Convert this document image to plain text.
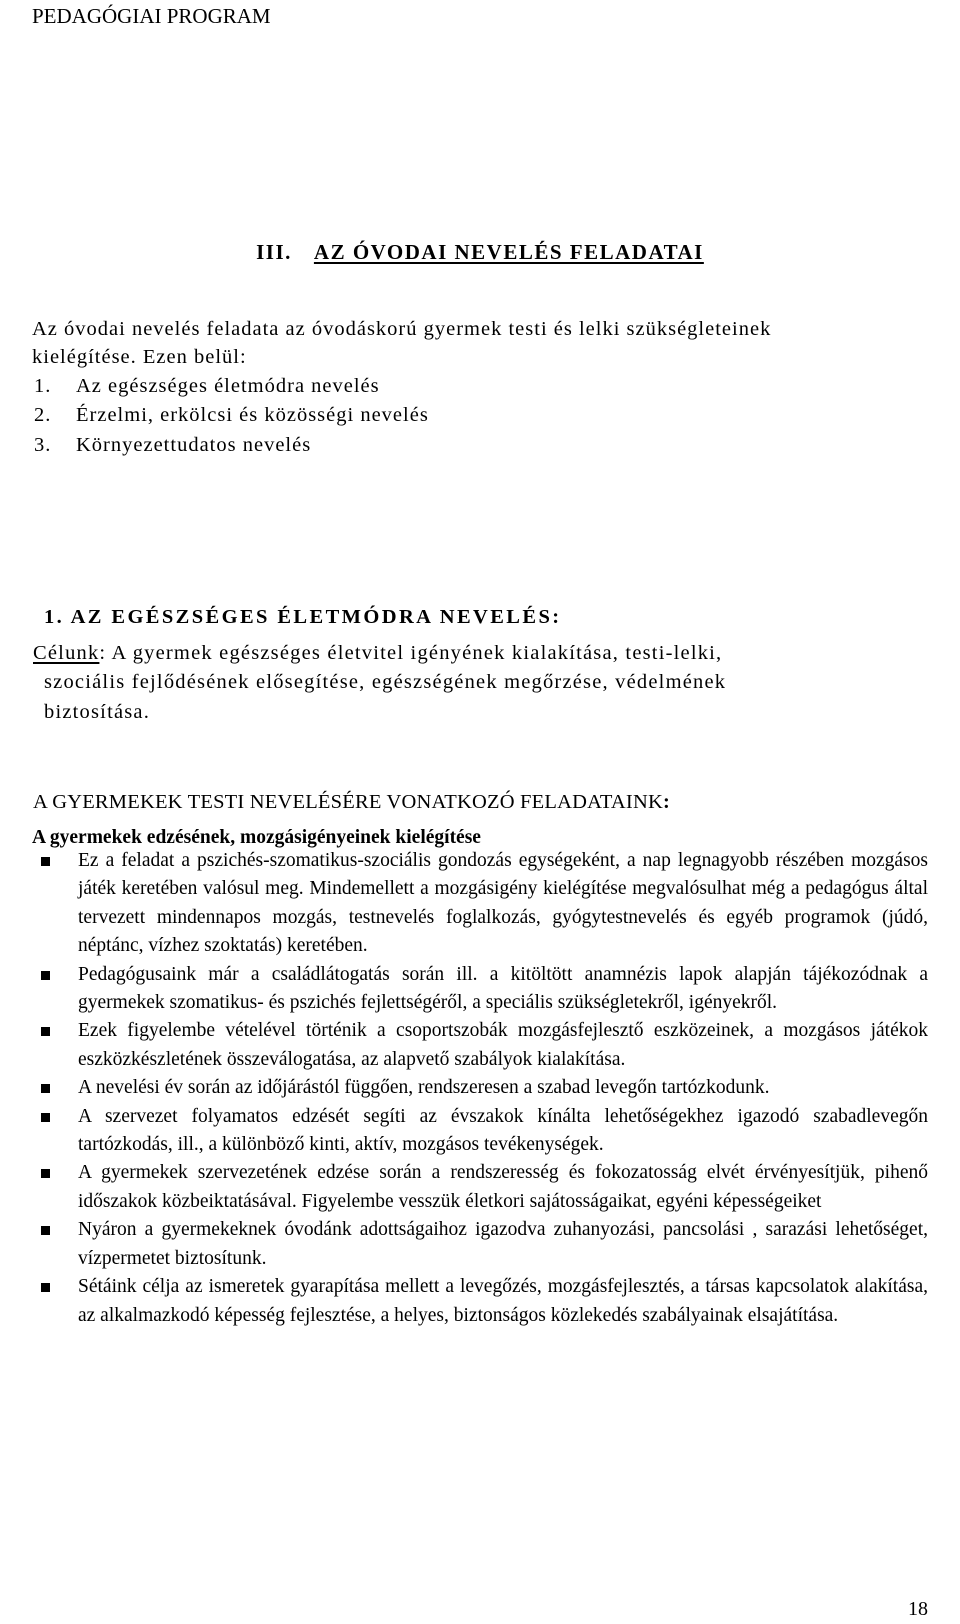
PEDAGÓGIAI PROGRAM
III. AZ ÓVODAI NEVELÉS FELADATAI
Az óvodai nevelés feladata az óvodáskorú gyermek testi és lelki szükségleteinek
kielégítése. Ezen belül:
1. Az egészséges életmódra nevelés
2. Érzelmi, erkölcsi és közösségi nevelés
3. Környezettudatos nevelés
1. AZ EGÉSZSÉGES ÉLETMÓDRA NEVELÉS:
Célunk: A gyermek egészséges életvitel igényének kialakítása, testi-lelki,
szociális fejlődésének elősegítése, egészségének megőrzése, védelmének
biztosítása.
A GYERMEKEK TESTI NEVELÉSÉRE VONATKOZÓ FELADATAINK:
A gyermekek edzésének, mozgásigényeinek kielégítése
Ez a feladat a pszichés-szomatikus-szociális gondozás egységeként, a nap legnagyobb részében mozgásos játék keretében valósul meg. Mindemellett a mozgásigény kielégítése megvalósulhat még a pedagógus által tervezett mindennapos mozgás, testnevelés foglalkozás, gyógytestnevelés és egyéb programok (júdó, néptánc, vízhez szoktatás) keretében.
Pedagógusaink már a családlátogatás során ill. a kitöltött anamnézis lapok alapján tájékozódnak a gyermekek szomatikus- és pszichés fejlettségéről, a speciális szükségletekről, igényekről.
Ezek figyelembe vételével történik a csoportszobák mozgásfejlesztő eszközeinek, a mozgásos játékok eszközkészletének összeválogatása, az alapvető szabályok kialakítása.
A nevelési év során az időjárástól függően, rendszeresen a szabad levegőn tartózkodunk.
A szervezet folyamatos edzését segíti az évszakok kínálta lehetőségekhez igazodó szabadlevegőn tartózkodás, ill., a különböző kinti, aktív, mozgásos tevékenységek.
A gyermekek szervezetének edzése során a rendszeresség és fokozatosság elvét érvényesítjük, pihenő időszakok közbeiktatásával. Figyelembe vesszük életkori sajátosságaikat, egyéni képességeiket
Nyáron a gyermekeknek óvodánk adottságaihoz igazodva zuhanyozási, pancsolási , sarazási lehetőséget, vízpermetet biztosítunk.
Sétáink célja az ismeretek gyarapítása mellett a levegőzés, mozgásfejlesztés, a társas kapcsolatok alakítása, az alkalmazkodó képesség fejlesztése, a helyes, biztonságos közlekedés szabályainak elsajátítása.
18
